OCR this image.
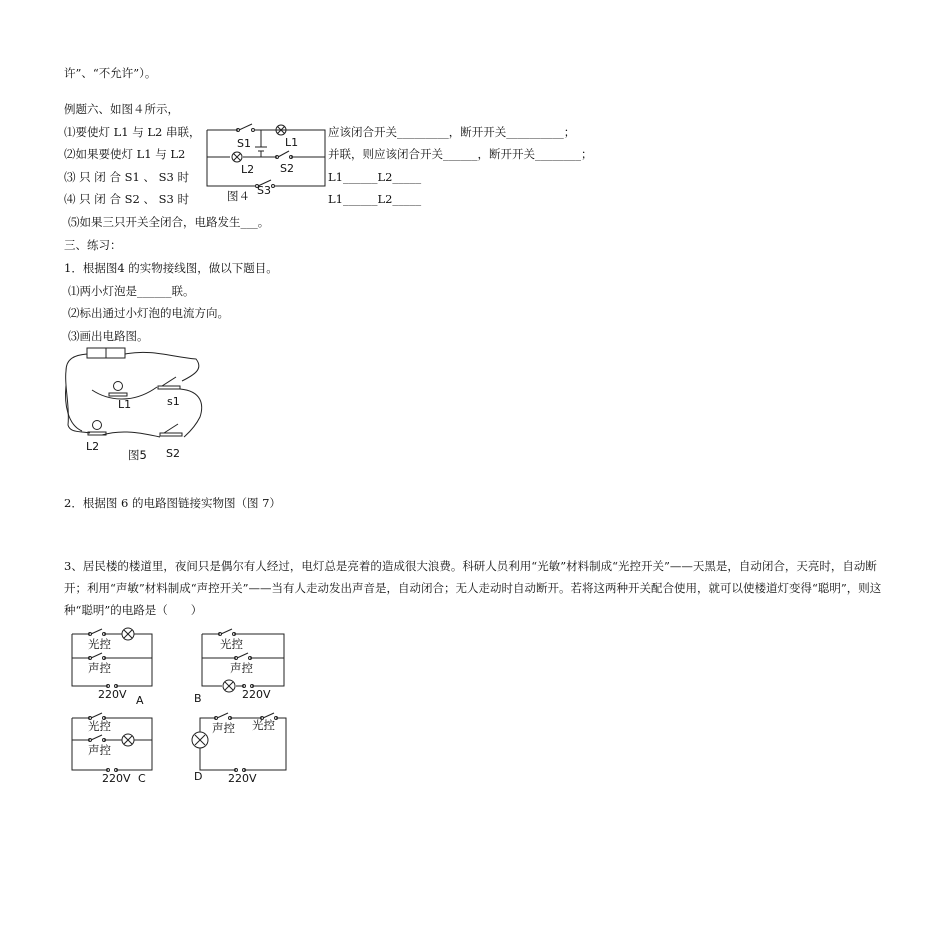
许”、“不允许”）。
例题六、如图４所示，
⑴要使灯 L1 与 L2 串联，	应该闭合开关_________，断开开关__________；
⑵如果要使灯 L1 与 L2	并联，则应该闭合开关______，断开开关________；
⑶ 只 闭 合 S1 、 S3 时	L1______L2_____
⑷ 只 闭 合 S2 、 S3 时	L1______L2_____
⑸如果三只开关全闭合，电路发生___。
三、练习：
1．根据图4 的实物接线图，做以下题目。
⑴两小灯泡是______联。
⑵标出通过小灯泡的电流方向。
⑶画出电路图。
2．根据图 6 的电路图链接实物图（图 7）
3、居民楼的楼道里，夜间只是偶尔有人经过，电灯总是亮着的造成很大浪费。科研人员利用“光敏”材料制成“光控开关”——天黑是，自动闭合，天亮时，自动断开；利用“声敏”材料制成“声控开关”——当有人走动发出声音是，自动闭合；无人走动时自动断开。若将这两种开关配合使用，就可以使楼道灯变得“聪明”，则这种“聪明”的电路是（　　）
S1	L1
L2 S2
S3
图４
L1	s1
L2
图5 S2
光控
声控
220V A
光控
声控
220V
B
光控
声控
220V C
声控 光控
220V
D
